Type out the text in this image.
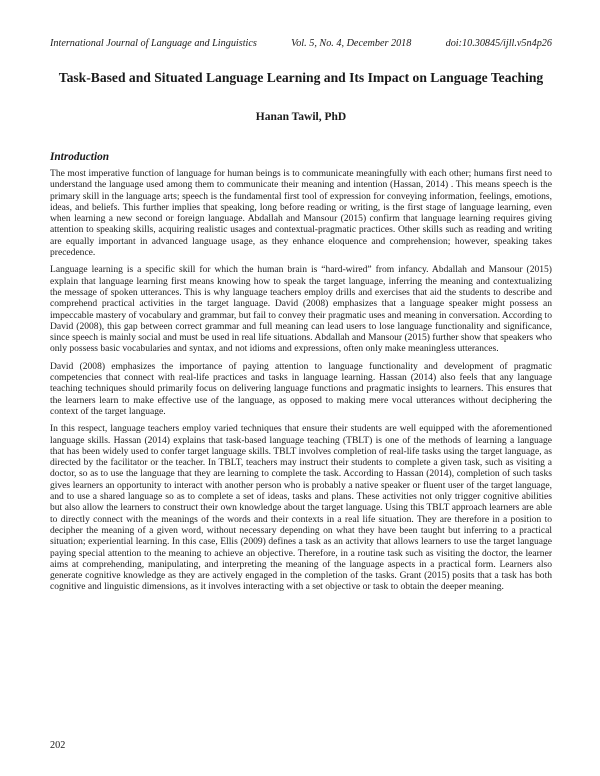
International Journal of Language and Linguistics	Vol. 5, No. 4, December 2018	doi:10.30845/ijll.v5n4p26
Task-Based and Situated Language Learning and Its Impact on Language Teaching
Hanan Tawil, PhD
Introduction

The most imperative function of language for human beings is to communicate meaningfully with each other; humans first need to understand the language used among them to communicate their meaning and intention (Hassan, 2014) . This means speech is the primary skill in the language arts; speech is the fundamental first tool of expression for conveying information, feelings, emotions, ideas, and beliefs. This further implies that speaking, long before reading or writing, is the first stage of language learning, even when learning a new second or foreign language. Abdallah and Mansour (2015) confirm that language learning requires giving attention to speaking skills, acquiring realistic usages and contextual-pragmatic practices. Other skills such as reading and writing are equally important in advanced language usage, as they enhance eloquence and comprehension; however, speaking takes precedence.

Language learning is a specific skill for which the human brain is “hard-wired” from infancy. Abdallah and Mansour (2015) explain that language learning first means knowing how to speak the target language, inferring the meaning and contextualizing the message of spoken utterances. This is why language teachers employ drills and exercises that aid the students to describe and comprehend practical activities in the target language. David (2008) emphasizes that a language speaker might possess an impeccable mastery of vocabulary and grammar, but fail to convey their pragmatic uses and meaning in conversation. According to David (2008), this gap between correct grammar and full meaning can lead users to lose language functionality and significance, since speech is mainly social and must be used in real life situations. Abdallah and Mansour (2015) further show that speakers who only possess basic vocabularies and syntax, and not idioms and expressions, often only make meaningless utterances.

David (2008) emphasizes the importance of paying attention to language functionality and development of pragmatic competencies that connect with real-life practices and tasks in language learning. Hassan (2014) also feels that any language teaching techniques should primarily focus on delivering language functions and pragmatic insights to learners. This ensures that the learners learn to make effective use of the language, as opposed to making mere vocal utterances without deciphering the context of the target language.

In this respect, language teachers employ varied techniques that ensure their students are well equipped with the aforementioned language skills. Hassan (2014) explains that task-based language teaching (TBLT) is one of the methods of learning a language that has been widely used to confer target language skills. TBLT involves completion of real-life tasks using the target language, as directed by the facilitator or the teacher. In TBLT, teachers may instruct their students to complete a given task, such as visiting a doctor, so as to use the language that they are learning to complete the task. According to Hassan (2014), completion of such tasks gives learners an opportunity to interact with another person who is probably a native speaker or fluent user of the target language, and to use a shared language so as to complete a set of ideas, tasks and plans. These activities not only trigger cognitive abilities but also allow the learners to construct their own knowledge about the target language. Using this TBLT approach learners are able to directly connect with the meanings of the words and their contexts in a real life situation. They are therefore in a position to decipher the meaning of a given word, without necessary depending on what they have been taught but inferring to a practical situation; experiential learning. In this case, Ellis (2009) defines a task as an activity that allows learners to use the target language paying special attention to the meaning to achieve an objective. Therefore, in a routine task such as visiting the doctor, the learner aims at comprehending, manipulating, and interpreting the meaning of the language aspects in a practical form. Learners also generate cognitive knowledge as they are actively engaged in the completion of the tasks. Grant (2015) posits that a task has both cognitive and linguistic dimensions, as it involves interacting with a set objective or task to obtain the deeper meaning.

202
